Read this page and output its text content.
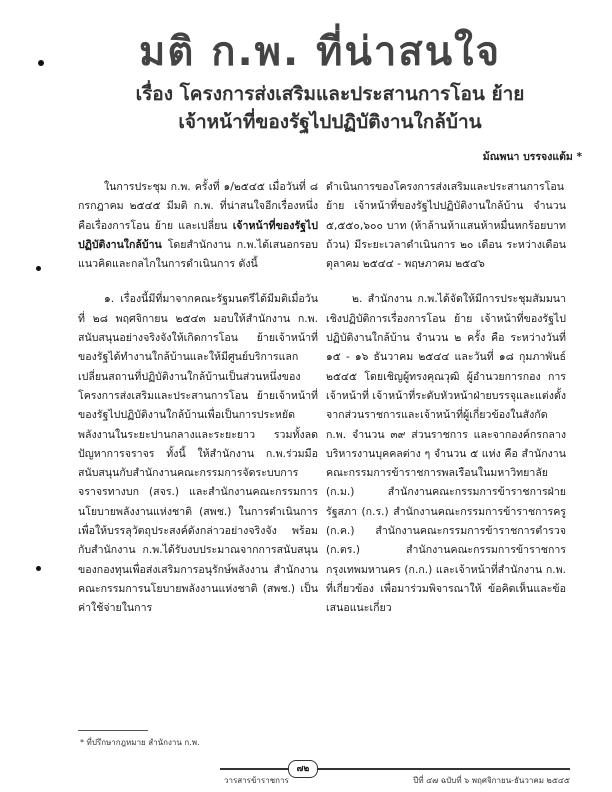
มติ ก.พ. ที่น่าสนใจ
เรื่อง โครงการส่งเสริมและประสานการโอน ย้าย
เจ้าหน้าที่ของรัฐไปปฏิบัติงานใกล้บ้าน
ม้ณพนา บรรจงแต้ม *

ในการประชุม ก.พ. ครั้งที่ ๑/๒๕๔๕ เมื่อวันที่ ๘ กรกฎาคม ๒๕๔๕ มีมติ ก.พ. ที่น่าสนใจอีกเรื่องหนึ่งคือเรื่องการโอน ย้าย และเปลี่ยน เจ้าหน้าที่ของรัฐไปปฏิบัติงานใกล้บ้าน โดยสำนักงาน ก.พ.ได้เสนอกรอบแนวคิดและกลไกในการดำเนินการ ดังนี้

๑. เรื่องนี้มีที่มาจากคณะรัฐมนตรีได้มีมติเมื่อวันที่ ๒๘ พฤศจิกายน ๒๕๔๓ มอบให้สำนักงาน ก.พ. สนับสนุนอย่างจริงจังให้เกิดการโอน ย้ายเจ้าหน้าที่ของรัฐได้ทำงานใกล้บ้านและให้มีศูนย์บริการแลกเปลี่ยนสถานที่ปฏิบัติงานใกล้บ้านเป็นส่วนหนึ่งของโครงการส่งเสริมและประสานการโอน ย้ายเจ้าหน้าที่ของรัฐไปปฏิบัติงานใกล้บ้านเพื่อเป็นการประหยัดพลังงานในระยะปานกลางและระยะยาว รวมทั้งลดปัญหาการจราจร ทั้งนี้ ให้สำนักงาน ก.พ.ร่วมมือสนับสนุนกับสำนักงานคณะกรรมการจัดระบบการจราจรทางบก (สจร.) และสำนักงานคณะกรรมการนโยบายพลังงานแห่งชาติ (สพช.) ในการดำเนินการ เพื่อให้บรรลุวัตถุประสงค์ดังกล่าวอย่างจริงจัง พร้อมกับสำนักงาน ก.พ.ได้รับงบประมาณจากการสนับสนุนของกองทุนเพื่อส่งเสริมการอนุรักษ์พลังงาน สำนักงานคณะกรรมการนโยบายพลังงานแห่งชาติ (สพช.) เป็นค่าใช้จ่ายในการ

ดำเนินการของโครงการส่งเสริมและประสานการโอน ย้าย เจ้าหน้าที่ของรัฐไปปฏิบัติงานใกล้บ้าน จำนวน ๕,๕๕๐,๖๐๐ บาท (ห้าล้านห้าแสนห้าหมื่นหกร้อยบาทถ้วน) มีระยะเวลาดำเนินการ ๒๐ เดือน ระหว่างเดือนตุลาคม ๒๕๔๔ - พฤษภาคม ๒๕๔๖

๒. สำนักงาน ก.พ.ได้จัดให้มีการประชุมสัมมนาเชิงปฏิบัติการเรื่องการโอน ย้าย เจ้าหน้าที่ของรัฐไปปฏิบัติงานใกล้บ้าน จำนวน ๒ ครั้ง คือ ระหว่างวันที่ ๑๕ - ๑๖ ธันวาคม ๒๕๔๔ และวันที่ ๑๘ กุมภาพันธ์ ๒๕๔๕ โดยเชิญผู้ทรงคุณวุฒิ ผู้อำนวยการกอง การเจ้าหน้าที่ เจ้าหน้าที่ระดับหัวหน้าฝ่ายบรรจุและแต่งตั้งจากส่วนราชการและเจ้าหน้าที่ผู้เกี่ยวข้องในสังกัด ก.พ. จำนวน ๓๙ ส่วนราชการ และจากองค์กรกลางบริหารงานบุคคลต่าง ๆ จำนวน ๕ แห่ง คือ สำนักงานคณะกรรมการข้าราชการพลเรือนในมหาวิทยาลัย (ก.ม.) สำนักงานคณะกรรมการข้าราชการฝ่ายรัฐสภา (ก.ร.) สำนักงานคณะกรรมการข้าราชการครู (ก.ค.) สำนักงานคณะกรรมการข้าราชการตำรวจ (ก.ตร.) สำนักงานคณะกรรมการข้าราชการกรุงเทพมหานคร (ก.ก.) และเจ้าหน้าที่สำนักงาน ก.พ. ที่เกี่ยวข้อง เพื่อมาร่วมพิจารณาให้ ข้อคิดเห็นและข้อเสนอแนะเกี่ยว

* ที่ปรึกษากฎหมาย สำนักงาน ก.พ.
วารสารข้าราชการ	ปีที่ ๔๗ ฉบับที่ ๖ พฤศจิกายน-ธันวาคม ๒๕๔๕
๗๒
